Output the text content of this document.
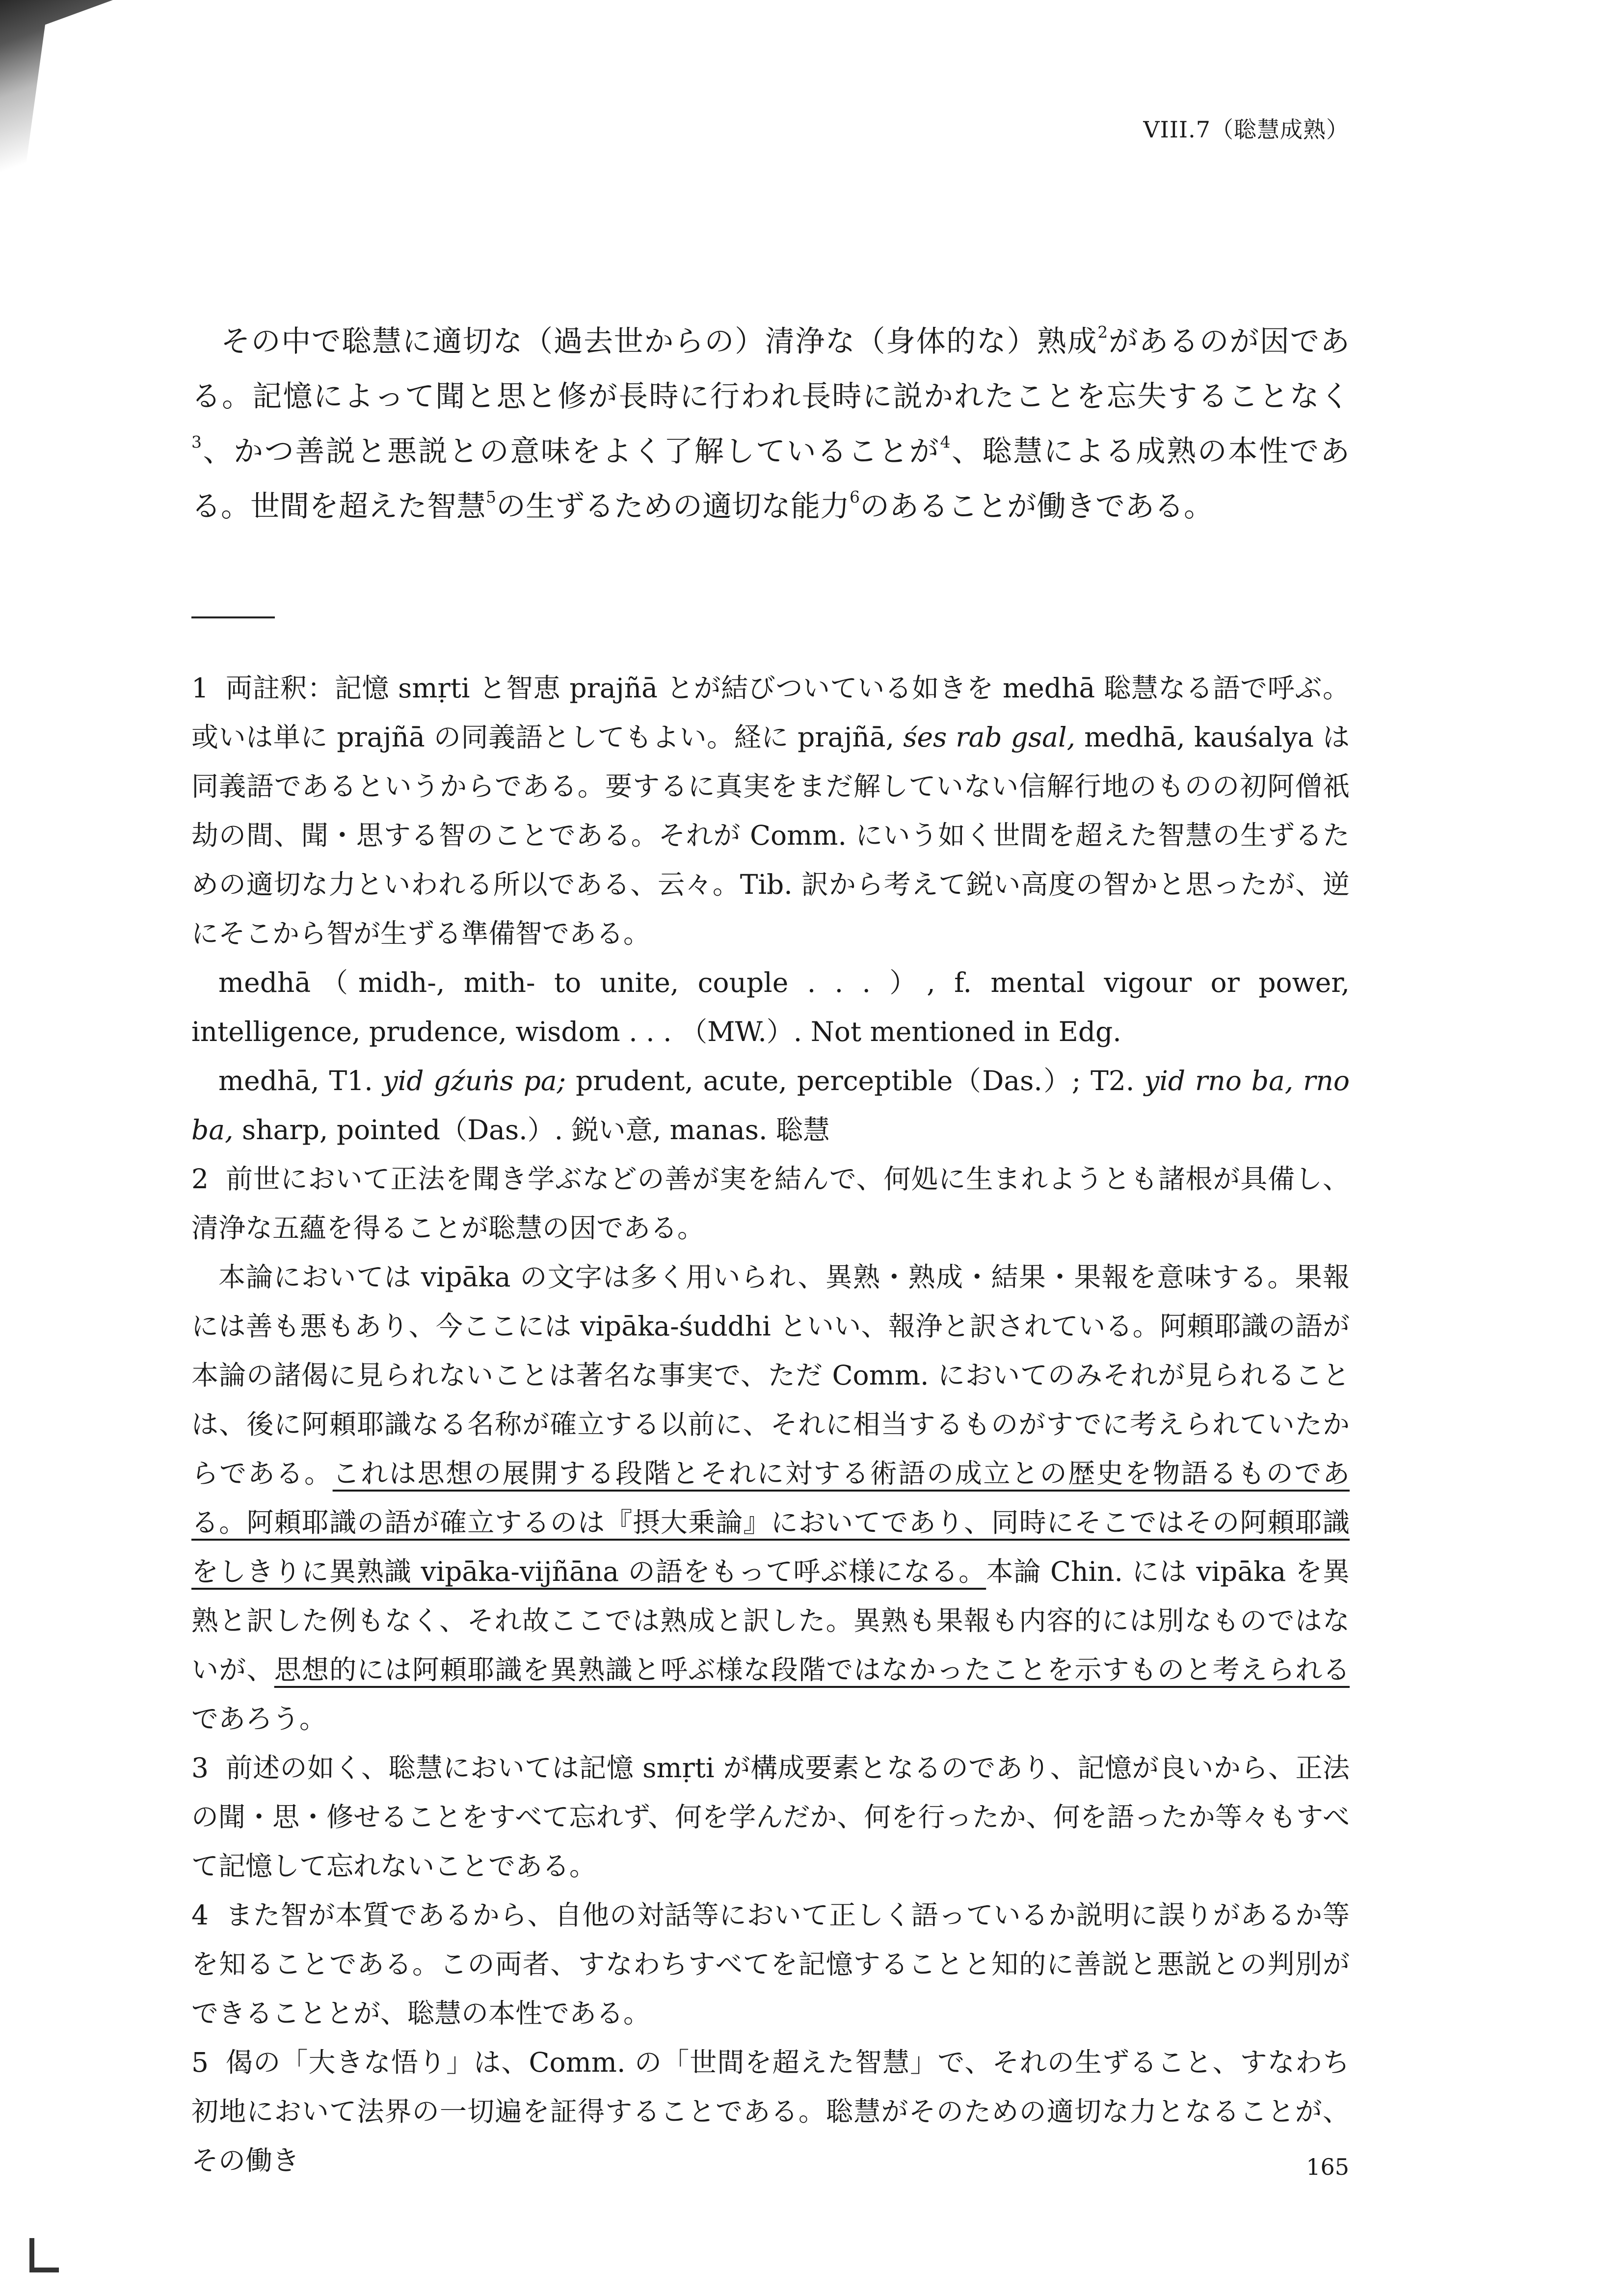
VIII.7（聡慧成熟）

その中で聡慧に適切な（過去世からの）清浄な（身体的な）熟成$^2$があるのが因である。記憶によって聞と思と修が長時に行われ長時に説かれたことを忘失することなく$^3$、かつ善説と悪説との意味をよく了解していることが$^4$、聡慧による成熟の本性である。世間を超えた智慧$^5$の生ずるための適切な能力$^6$のあることが働きである。

1 両註釈：記憶 smṛti と智恵 prajñā とが結びついている如きを medhā 聡慧なる語で呼ぶ。或いは単に prajñā の同義語としてもよい。経に prajñā, śes rab gsal, medhā, kauśalya は同義語であるというからである。要するに真実をまだ解していない信解行地のものの初阿僧祇劫の間、聞・思する智のことである。それが Comm. にいう如く世間を超えた智慧の生ずるための適切な力といわれる所以である、云々。Tib. 訳から考えて鋭い高度の智かと思ったが、逆にそこから智が生ずる準備智である。

medhā（midh-, mith- to unite, couple . . . ）, f. mental vigour or power, intelligence, prudence, wisdom . . . （MW.）. Not mentioned in Edg.

medhā, T1. yid gźuṅs pa; prudent, acute, perceptible（Das.）; T2. yid rno ba, rno ba, sharp, pointed（Das.）. 鋭い意, manas. 聡慧

2 前世において正法を聞き学ぶなどの善が実を結んで、何処に生まれようとも諸根が具備し、清浄な五蘊を得ることが聡慧の因である。

本論においては vipāka の文字は多く用いられ、異熟・熟成・結果・果報を意味する。果報には善も悪もあり、今ここには vipāka-śuddhi といい、報浄と訳されている。阿頼耶識の語が本論の諸偈に見られないことは著名な事実で、ただ Comm. においてのみそれが見られることは、後に阿頼耶識なる名称が確立する以前に、それに相当するものがすでに考えられていたからである。これは思想の展開する段階とそれに対する術語の成立との歴史を物語るものである。阿頼耶識の語が確立するのは『摂大乗論』においてであり、同時にそこではその阿頼耶識をしきりに異熟識 vipāka-vijñāna の語をもって呼ぶ様になる。本論 Chin. には vipāka を異熟と訳した例もなく、それ故ここでは熟成と訳した。異熟も果報も内容的には別なものではないが、思想的には阿頼耶識を異熟識と呼ぶ様な段階ではなかったことを示すものと考えられるであろう。

3 前述の如く、聡慧においては記憶 smṛti が構成要素となるのであり、記憶が良いから、正法の聞・思・修せることをすべて忘れず、何を学んだか、何を行ったか、何を語ったか等々もすべて記憶して忘れないことである。

4 また智が本質であるから、自他の対話等において正しく語っているか説明に誤りがあるか等を知ることである。この両者、すなわちすべてを記憶することと知的に善説と悪説との判別ができることとが、聡慧の本性である。

5 偈の「大きな悟り」は、Comm. の「世間を超えた智慧」で、それの生ずること、すなわち初地において法界の一切遍を証得することである。聡慧がそのための適切な力となることが、その働き	165
